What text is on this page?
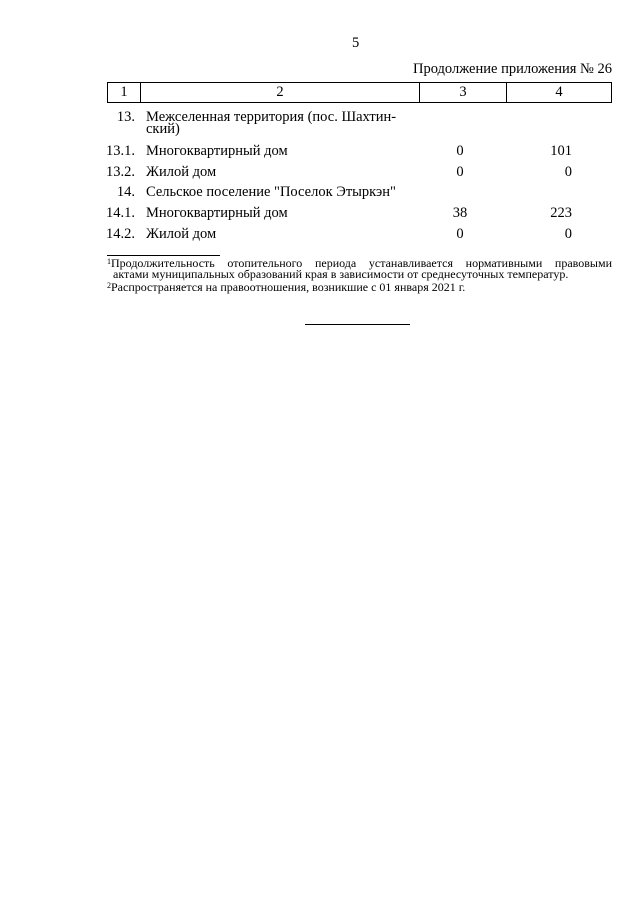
5
Продолжение приложения № 26
1	2	3	4
13. Межселенная территория (пос. Шахтин-
ский)
13.1. Многоквартирный дом	0	101
13.2. Жилой дом	0	0
14. Сельское поселение "Поселок Этыркэн"
14.1. Многоквартирный дом	38	223
14.2. Жилой дом	0	0
$^1$Продолжительность отопительного периода устанавливается нормативными правовыми
актами муниципальных образований края в зависимости от среднесуточных температур.
$^2$Распространяется на правоотношения, возникшие с 01 января 2021 г.
